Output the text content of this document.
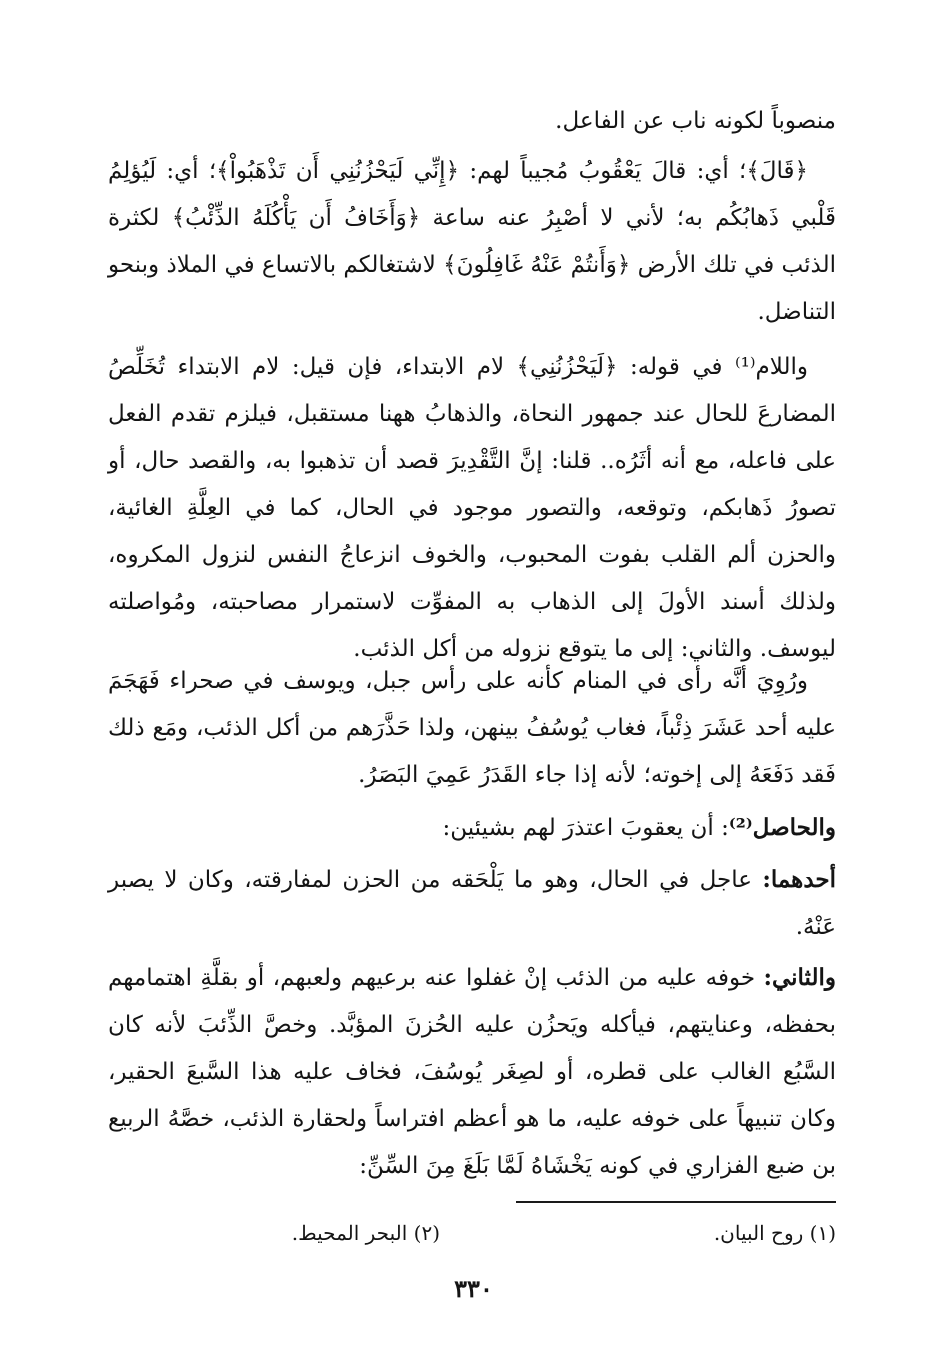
منصوباً لكونه ناب عن الفاعل.

﴿قَالَ﴾؛ أي: قالَ يَعْقُوبُ مُجيباً لهم: ﴿إِنِّي لَيَحْزُنُنِي أَن تَذْهَبُواْ﴾؛ أي: لَيُؤلِمُ قَلْبي ذَهابُكُم به؛ لأني لا أصْبِرُ عنه ساعة ﴿وَأَخَافُ أَن يَأْكُلَهُ الذِّئْبُ﴾ لكثرة الذئب في تلك الأرض ﴿وَأَنتُمْ عَنْهُ غَافِلُونَ﴾ لاشتغالكم بالاتساع في الملاذ وبنحو التناضل.

واللام⁽¹⁾ في قوله: ﴿لَيَحْزُنُنِي﴾ لام الابتداء، فإن قيل: لام الابتداء تُخَلِّصُ المضارعَ للحال عند جمهور النحاة، والذهابُ ههنا مستقبل، فيلزم تقدم الفعل على فاعله، مع أنه أثَرُه.. قلنا: إنَّ التَّقْدِيرَ قصد أن تذهبوا به، والقصد حال، أو تصورُ ذَهابكم، وتوقعه، والتصور موجود في الحال، كما في العِلَّةِ الغائية، والحزن ألم القلب بفوت المحبوب، والخوف انزعاجُ النفس لنزول المكروه، ولذلك أسند الأولَ إلى الذهاب به المفوِّت لاستمرار مصاحبته، ومُواصلته ليوسف. والثاني: إلى ما يتوقع نزوله من أكل الذئب.

ورُوِيَ أنَّه رأى في المنام كأنه على رأس جبل، ويوسف في صحراء فَهَجَمَ عليه أحد عَشَرَ ذِئْباً، فغاب يُوسُفُ بينهن، ولذا حَذَّرَهم من أكل الذئب، ومَع ذلك فَقد دَفَعَهُ إلى إخوته؛ لأنه إذا جاء القَدَرُ عَمِيَ البَصَرُ.

والحاصل⁽²⁾: أن يعقوبَ اعتذرَ لهم بشيئين:

أحدهما: عاجل في الحال، وهو ما يَلْحَقه من الحزن لمفارقته، وكان لا يصبر عَنْهُ.

والثاني: خوفه عليه من الذئب إنْ غفلوا عنه برعيهم ولعبهم، أو بقلَّةِ اهتمامهم بحفظه، وعنايتهم، فيأكله ويَحزُن عليه الحُزنَ المؤبَّد. وخصَّ الذِّئبَ لأنه كان السَّبُع الغالب على قطره، أو لصِغَر يُوسُفَ، فخاف عليه هذا السَّبعَ الحقير، وكان تنبيهاً على خوفه عليه، ما هو أعظم افتراساً ولحقارة الذئب، خصَّهُ الربيع بن ضبع الفزاري في كونه يَخْشَاهُ لَمَّا بَلَغَ مِنَ السِّنِّ:

(١) روح البيان.
(٢) البحر المحيط.
٣٣٠
